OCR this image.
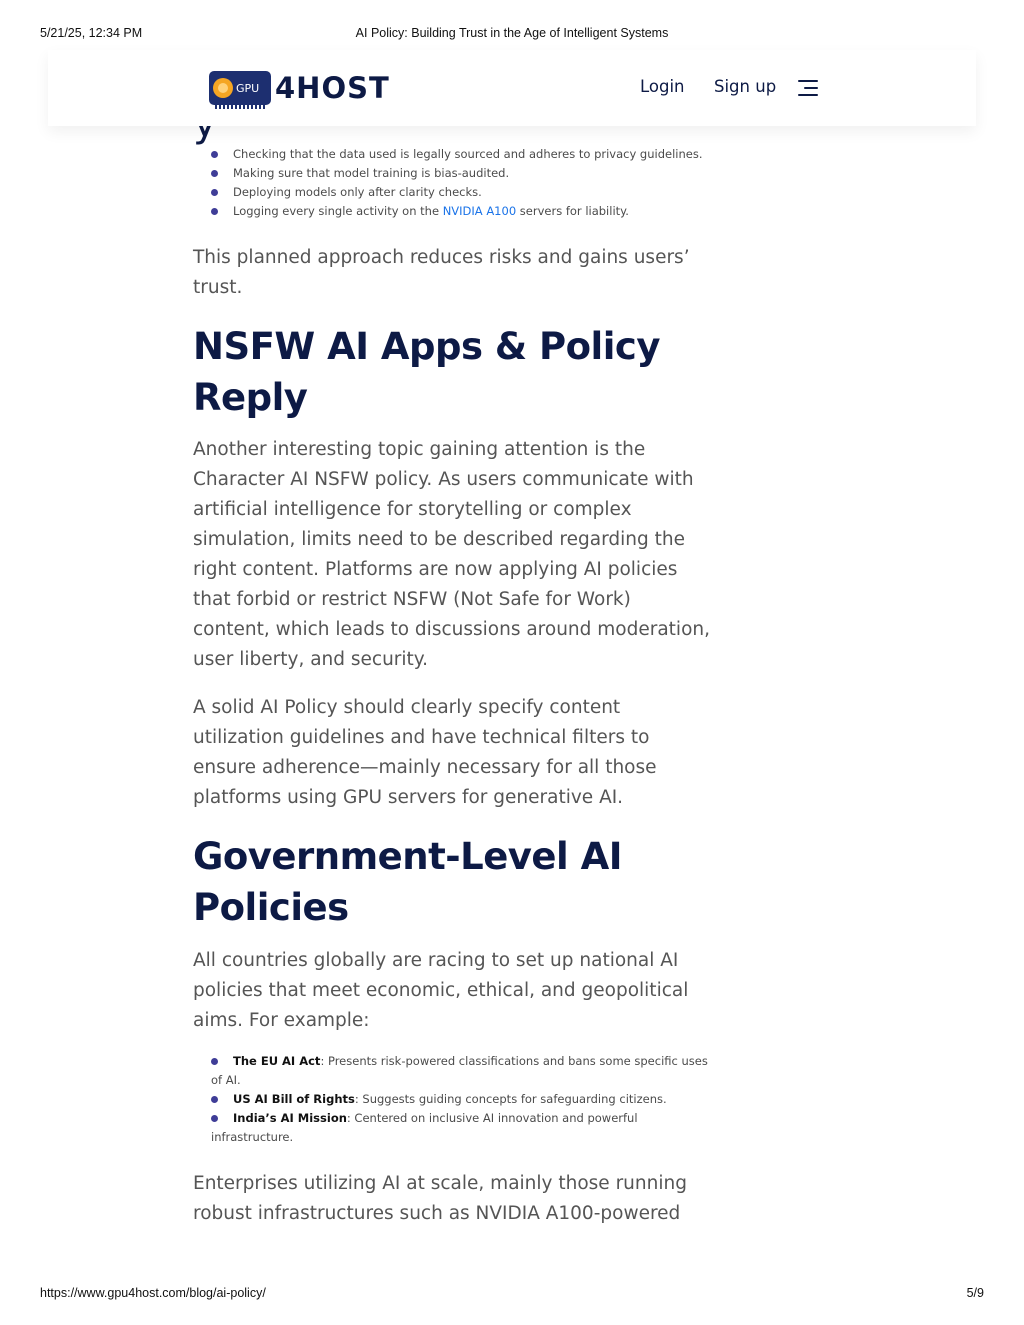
5/21/25, 12:34 PM	AI Policy: Building Trust in the Age of Intelligent Systems
GPU 4HOST	Login Sign up
Checking that the data used is legally sourced and adheres to privacy guidelines.
Making sure that model training is bias-audited.
Deploying models only after clarity checks.
Logging every single activity on the NVIDIA A100 servers for liability.

This planned approach reduces risks and gains users’ trust.

NSFW AI Apps & Policy Reply

Another interesting topic gaining attention is the Character AI NSFW policy. As users communicate with artificial intelligence for storytelling or complex simulation, limits need to be described regarding the right content. Platforms are now applying AI policies that forbid or restrict NSFW (Not Safe for Work) content, which leads to discussions around moderation, user liberty, and security.

A solid AI Policy should clearly specify content utilization guidelines and have technical filters to ensure adherence—mainly necessary for all those platforms using GPU servers for generative AI.

Government-Level AI Policies

All countries globally are racing to set up national AI policies that meet economic, ethical, and geopolitical aims. For example:

The EU AI Act: Presents risk-powered classifications and bans some specific uses
of AI.
US AI Bill of Rights: Suggests guiding concepts for safeguarding citizens.
India’s AI Mission: Centered on inclusive AI innovation and powerful
infrastructure.

Enterprises utilizing AI at scale, mainly those running robust infrastructures such as NVIDIA A100-powered

https://www.gpu4host.com/blog/ai-policy/	5/9
